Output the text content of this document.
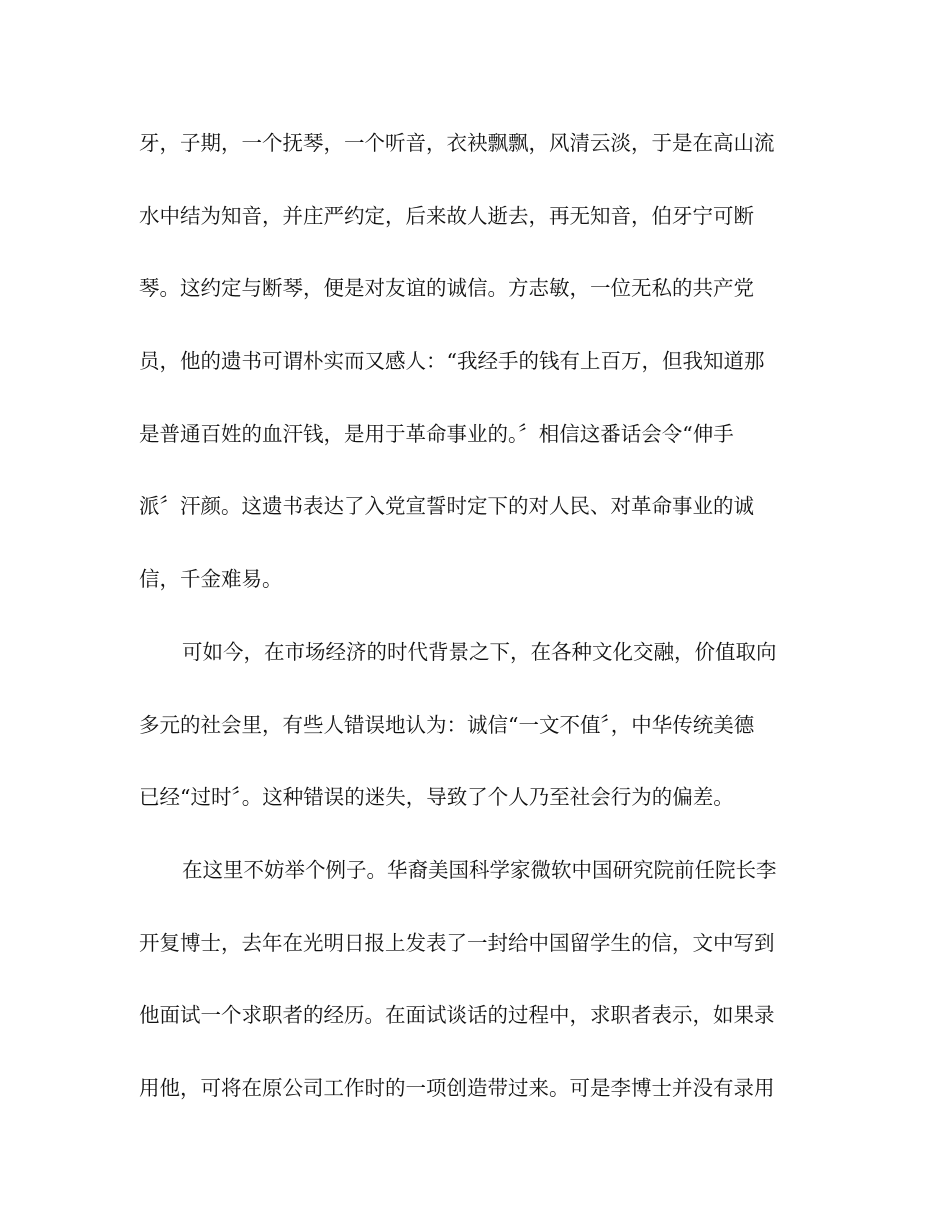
牙，子期，一个抚琴，一个听音，衣袂飘飘，风清云淡，于是在高山流
水中结为知音，并庄严约定，后来故人逝去，再无知音，伯牙宁可断
琴。这约定与断琴，便是对友谊的诚信。方志敏，一位无私的共产党
员，他的遗书可谓朴实而又感人：“我经手的钱有上百万，但我知道那
是普通百姓的血汗钱，是用于革命事业的。〞相信这番话会令“伸手
派〞汗颜。这遗书表达了入党宣誓时定下的对人民、对革命事业的诚
信，千金难易。
可如今，在市场经济的时代背景之下，在各种文化交融，价值取向
多元的社会里，有些人错误地认为：诚信“一文不值〞，中华传统美德
已经“过时〞。这种错误的迷失，导致了个人乃至社会行为的偏差。
在这里不妨举个例子。华裔美国科学家微软中国研究院前任院长李
开复博士，去年在光明日报上发表了一封给中国留学生的信，文中写到
他面试一个求职者的经历。在面试谈话的过程中，求职者表示，如果录
用他，可将在原公司工作时的一项创造带过来。可是李博士并没有录用
